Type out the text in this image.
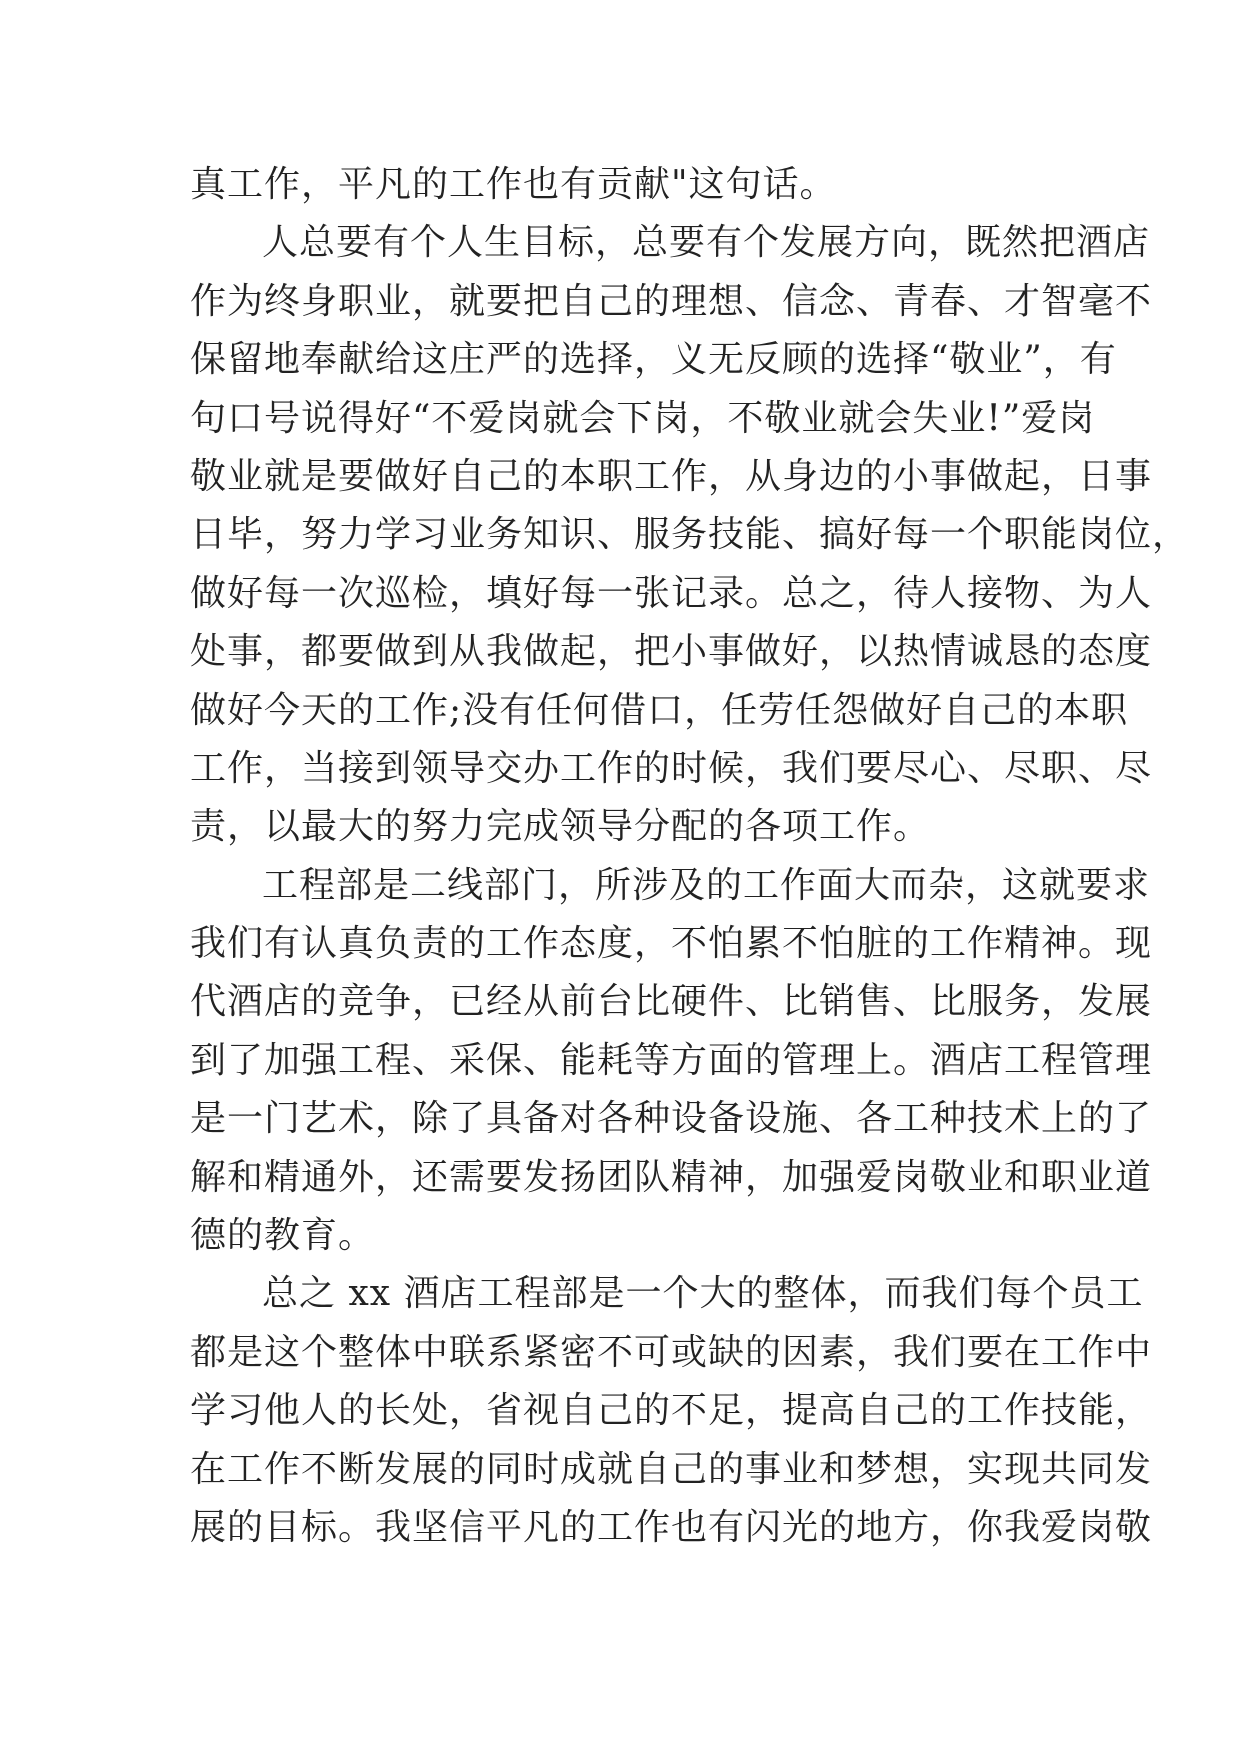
真工作，平凡的工作也有贡献"这句话。
人总要有个人生目标，总要有个发展方向，既然把酒店
作为终身职业，就要把自己的理想、信念、青春、才智毫不
保留地奉献给这庄严的选择，义无反顾的选择“敬业”，有
句口号说得好“不爱岗就会下岗，不敬业就会失业!”爱岗
敬业就是要做好自己的本职工作，从身边的小事做起，日事
日毕，努力学习业务知识、服务技能、搞好每一个职能岗位，
做好每一次巡检，填好每一张记录。总之，待人接物、为人
处事，都要做到从我做起，把小事做好，以热情诚恳的态度
做好今天的工作;没有任何借口，任劳任怨做好自己的本职
工作，当接到领导交办工作的时候，我们要尽心、尽职、尽
责，以最大的努力完成领导分配的各项工作。
工程部是二线部门，所涉及的工作面大而杂，这就要求
我们有认真负责的工作态度，不怕累不怕脏的工作精神。现
代酒店的竞争，已经从前台比硬件、比销售、比服务，发展
到了加强工程、采保、能耗等方面的管理上。酒店工程管理
是一门艺术，除了具备对各种设备设施、各工种技术上的了
解和精通外，还需要发扬团队精神，加强爱岗敬业和职业道
德的教育。
总之 xx 酒店工程部是一个大的整体，而我们每个员工
都是这个整体中联系紧密不可或缺的因素，我们要在工作中
学习他人的长处，省视自己的不足，提高自己的工作技能，
在工作不断发展的同时成就自己的事业和梦想，实现共同发
展的目标。我坚信平凡的工作也有闪光的地方，你我爱岗敬
